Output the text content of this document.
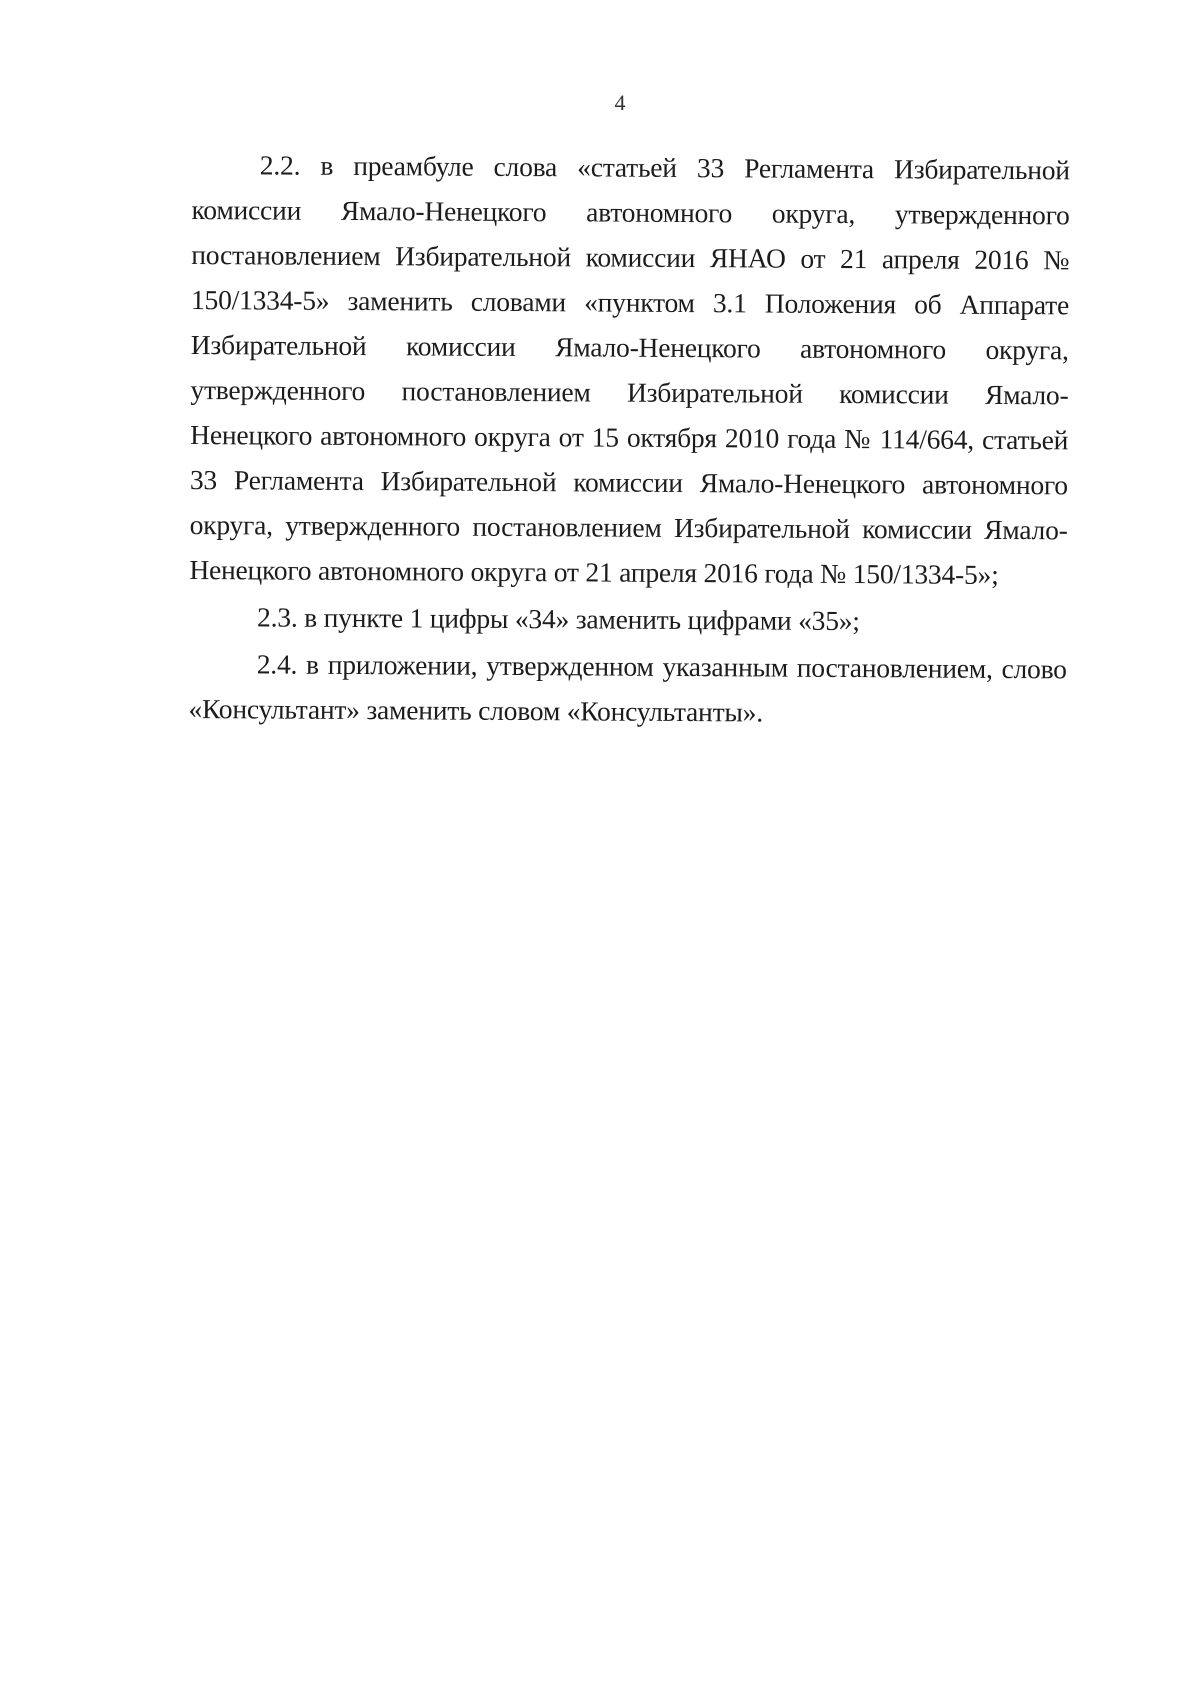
4

2.2. в преамбуле слова «статьей 33 Регламента Избирательной комиссии Ямало-Ненецкого автономного округа, утвержденного постановлением Избирательной комиссии ЯНАО от 21 апреля 2016 № 150/1334-5» заменить словами «пунктом 3.1 Положения об Аппарате Избирательной комиссии Ямало-Ненецкого автономного округа, утвержденного постановлением Избирательной комиссии Ямало-Ненецкого автономного округа от 15 октября 2010 года № 114/664, статьей 33 Регламента Избирательной комиссии Ямало-Ненецкого автономного округа, утвержденного постановлением Избирательной комиссии Ямало-Ненецкого автономного округа от 21 апреля 2016 года № 150/1334-5»;

2.3. в пункте 1 цифры «34» заменить цифрами «35»;

2.4. в приложении, утвержденном указанным постановлением, слово «Консультант» заменить словом «Консультанты».
